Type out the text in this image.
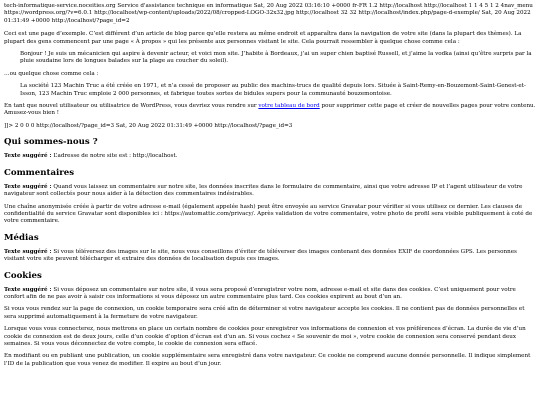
tech-informatique-service.noceities.org Service d'assistance technique en informatique Sat, 20 Aug 2022 03:16:10 +0000 fr-FR 1.2 http://localhost http://localhost 1 1 4 5 1 2 4nav_menu https://wordpress.org/?v=6.0.1 http://localhost/wp-content/uploads/2022/08/cropped-LOGO-32x32.jpg http://localhost 32 32 http://localhost/index.php/page-d-exemple/ Sat, 20 Aug 2022 01:31:49 +0000 http://localhost/?page_id=2

Ceci est une page d’exemple. C’est différent d’un article de blog parce qu’elle restera au même endroit et apparaîtra dans la navigation de votre site (dans la plupart des thèmes). La plupart des gens commencent par une page « À propos » qui les présente aux personnes visitant le site. Cela pourrait ressembler à quelque chose comme cela :

Bonjour ! Je suis un mécanicien qui aspire à devenir acteur, et voici mon site. J’habite à Bordeaux, j’ai un super chien baptisé Russell, et j’aime la vodka (ainsi qu’être surpris par la pluie soudaine lors de longues balades sur la plage au coucher du soleil).

…ou quelque chose comme cela :

La société 123 Machin Truc a été créée en 1971, et n’a cessé de proposer au public des machins-trucs de qualité depuis lors. Située à Saint-Remy-en-Bouzemont-Saint-Genest-et-Isson, 123 Machin Truc emploie 2 000 personnes, et fabrique toutes sortes de bidules supers pour la communauté bouzemontoise.

En tant que nouvel utilisateur ou utilisatrice de WordPress, vous devriez vous rendre sur votre tableau de bord pour supprimer cette page et créer de nouvelles pages pour votre contenu. Amusez-vous bien !

]]> 2 0 0 0 http://localhost/?page_id=3 Sat, 20 Aug 2022 01:31:49 +0000 http://localhost/?page_id=3

Qui sommes-nous ?

Texte suggéré : L’adresse de notre site est : http://localhost.

Commentaires

Texte suggéré : Quand vous laissez un commentaire sur notre site, les données inscrites dans le formulaire de commentaire, ainsi que votre adresse IP et l’agent utilisateur de votre navigateur sont collectés pour nous aider à la détection des commentaires indésirables.

Une chaîne anonymisée créée à partir de votre adresse e-mail (également appelée hash) peut être envoyée au service Gravatar pour vérifier si vous utilisez ce dernier. Les clauses de confidentialité du service Gravatar sont disponibles ici : https://automattic.com/privacy/. Après validation de votre commentaire, votre photo de profil sera visible publiquement à coté de votre commentaire.

Médias

Texte suggéré : Si vous téléversez des images sur le site, nous vous conseillons d’éviter de téléverser des images contenant des données EXIF de coordonnées GPS. Les personnes visitant votre site peuvent télécharger et extraire des données de localisation depuis ces images.

Cookies

Texte suggéré : Si vous déposez un commentaire sur notre site, il vous sera proposé d’enregistrer votre nom, adresse e-mail et site dans des cookies. C’est uniquement pour votre confort afin de ne pas avoir à saisir ces informations si vous déposez un autre commentaire plus tard. Ces cookies expirent au bout d’un an.

Si vous vous rendez sur la page de connexion, un cookie temporaire sera créé afin de déterminer si votre navigateur accepte les cookies. Il ne contient pas de données personnelles et sera supprimé automatiquement à la fermeture de votre navigateur.

Lorsque vous vous connecterez, nous mettrons en place un certain nombre de cookies pour enregistrer vos informations de connexion et vos préférences d’écran. La durée de vie d’un cookie de connexion est de deux jours, celle d’un cookie d’option d’écran est d’un an. Si vous cochez « Se souvenir de moi », votre cookie de connexion sera conservé pendant deux semaines. Si vous vous déconnectez de votre compte, le cookie de connexion sera effacé.

En modifiant ou en publiant une publication, un cookie supplémentaire sera enregistré dans votre navigateur. Ce cookie ne comprend aucune donnée personnelle. Il indique simplement l’ID de la publication que vous venez de modifier. Il expire au bout d’un jour.
